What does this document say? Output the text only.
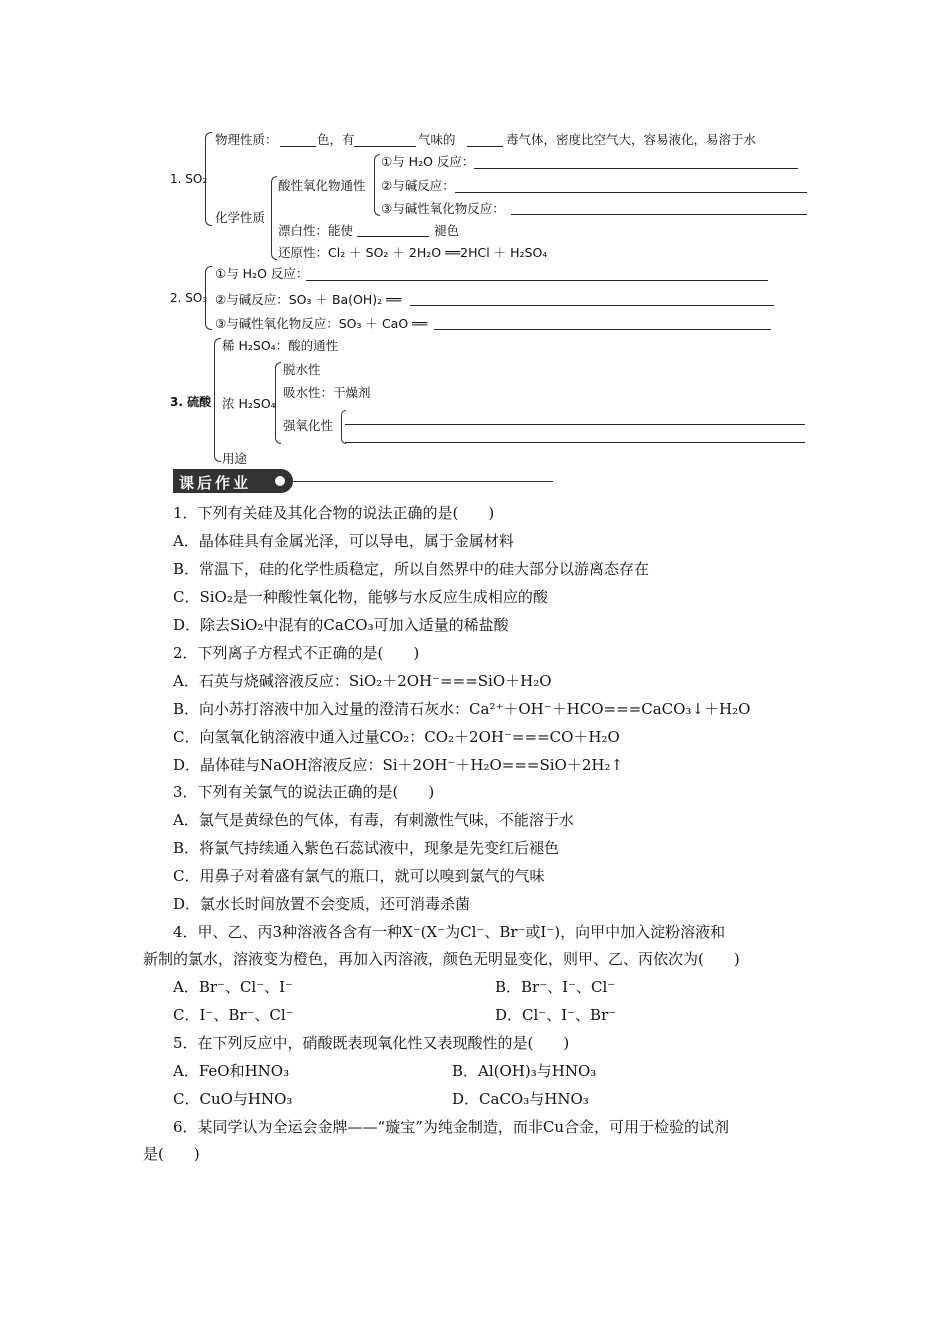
1. SO₂
物理性质：	色，有	气味的	毒气体，密度比空气大，容易液化，易溶于水
化学性质
酸性氧化物通性
①与 H₂O 反应：
②与碱反应：
③与碱性氧化物反应：
漂白性：能使	褪色
还原性：Cl₂ ＋ SO₂ ＋ 2H₂O ══2HCl ＋ H₂SO₄
2. SO₃
①与 H₂O 反应：
②与碱反应：SO₃ ＋ Ba(OH)₂ ══
③与碱性氧化物反应：SO₃ ＋ CaO ══
3. 硫酸
稀 H₂SO₄：酸的通性
浓 H₂SO₄
脱水性
吸水性：干燥剂
强氧化性
用途
课后作业
1．下列有关硅及其化合物的说法正确的是(　　)
A．晶体硅具有金属光泽，可以导电，属于金属材料
B．常温下，硅的化学性质稳定，所以自然界中的硅大部分以游离态存在
C．SiO₂是一种酸性氧化物，能够与水反应生成相应的酸
D．除去SiO₂中混有的CaCO₃可加入适量的稀盐酸
2．下列离子方程式不正确的是(　　)
A．石英与烧碱溶液反应：SiO₂＋2OH⁻===SiO＋H₂O
B．向小苏打溶液中加入过量的澄清石灰水：Ca²⁺＋OH⁻＋HCO===CaCO₃↓＋H₂O
C．向氢氧化钠溶液中通入过量CO₂：CO₂＋2OH⁻===CO＋H₂O
D．晶体硅与NaOH溶液反应：Si＋2OH⁻＋H₂O===SiO＋2H₂↑
3．下列有关氯气的说法正确的是(　　)
A．氯气是黄绿色的气体，有毒，有刺激性气味，不能溶于水
B．将氯气持续通入紫色石蕊试液中，现象是先变红后褪色
C．用鼻子对着盛有氯气的瓶口，就可以嗅到氯气的气味
D．氯水长时间放置不会变质，还可消毒杀菌
4．甲、乙、丙3种溶液各含有一种X⁻(X⁻为Cl⁻、Br⁻或I⁻)，向甲中加入淀粉溶液和
新制的氯水，溶液变为橙色，再加入丙溶液，颜色无明显变化，则甲、乙、丙依次为(　　)
A．Br⁻、Cl⁻、I⁻	B．Br⁻、I⁻、Cl⁻
C．I⁻、Br⁻、Cl⁻	D．Cl⁻、I⁻、Br⁻
5．在下列反应中，硝酸既表现氧化性又表现酸性的是(　　)
A．FeO和HNO₃	B．Al(OH)₃与HNO₃
C．CuO与HNO₃	D．CaCO₃与HNO₃
6．某同学认为全运会金牌——“璇宝”为纯金制造，而非Cu合金，可用于检验的试剂
是(　　)
